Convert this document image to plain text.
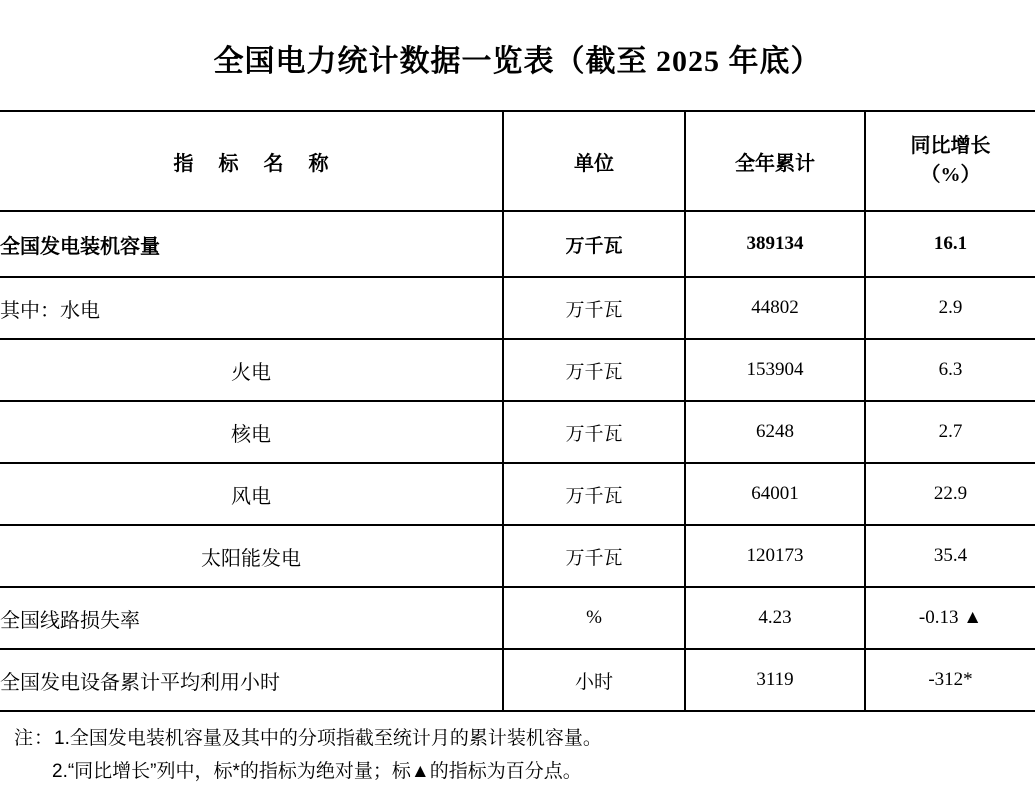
全国电力统计数据一览表（截至 2025 年底）
指 标 名 称	单位	全年累计	同比增长
（%）

全国发电装机容量	万千瓦	389134	16.1
其中：水电	万千瓦	44802	2.9
火电	万千瓦	153904	6.3
核电	万千瓦	6248	2.7
风电	万千瓦	64001	22.9
太阳能发电	万千瓦	120173	35.4
全国线路损失率	%	4.23	-0.13 ▲
全国发电设备累计平均利用小时	小时	3119	-312*
注：1.全国发电装机容量及其中的分项指截至统计月的累计装机容量。
2.“同比增长”列中，标*的指标为绝对量；标▲的指标为百分点。
